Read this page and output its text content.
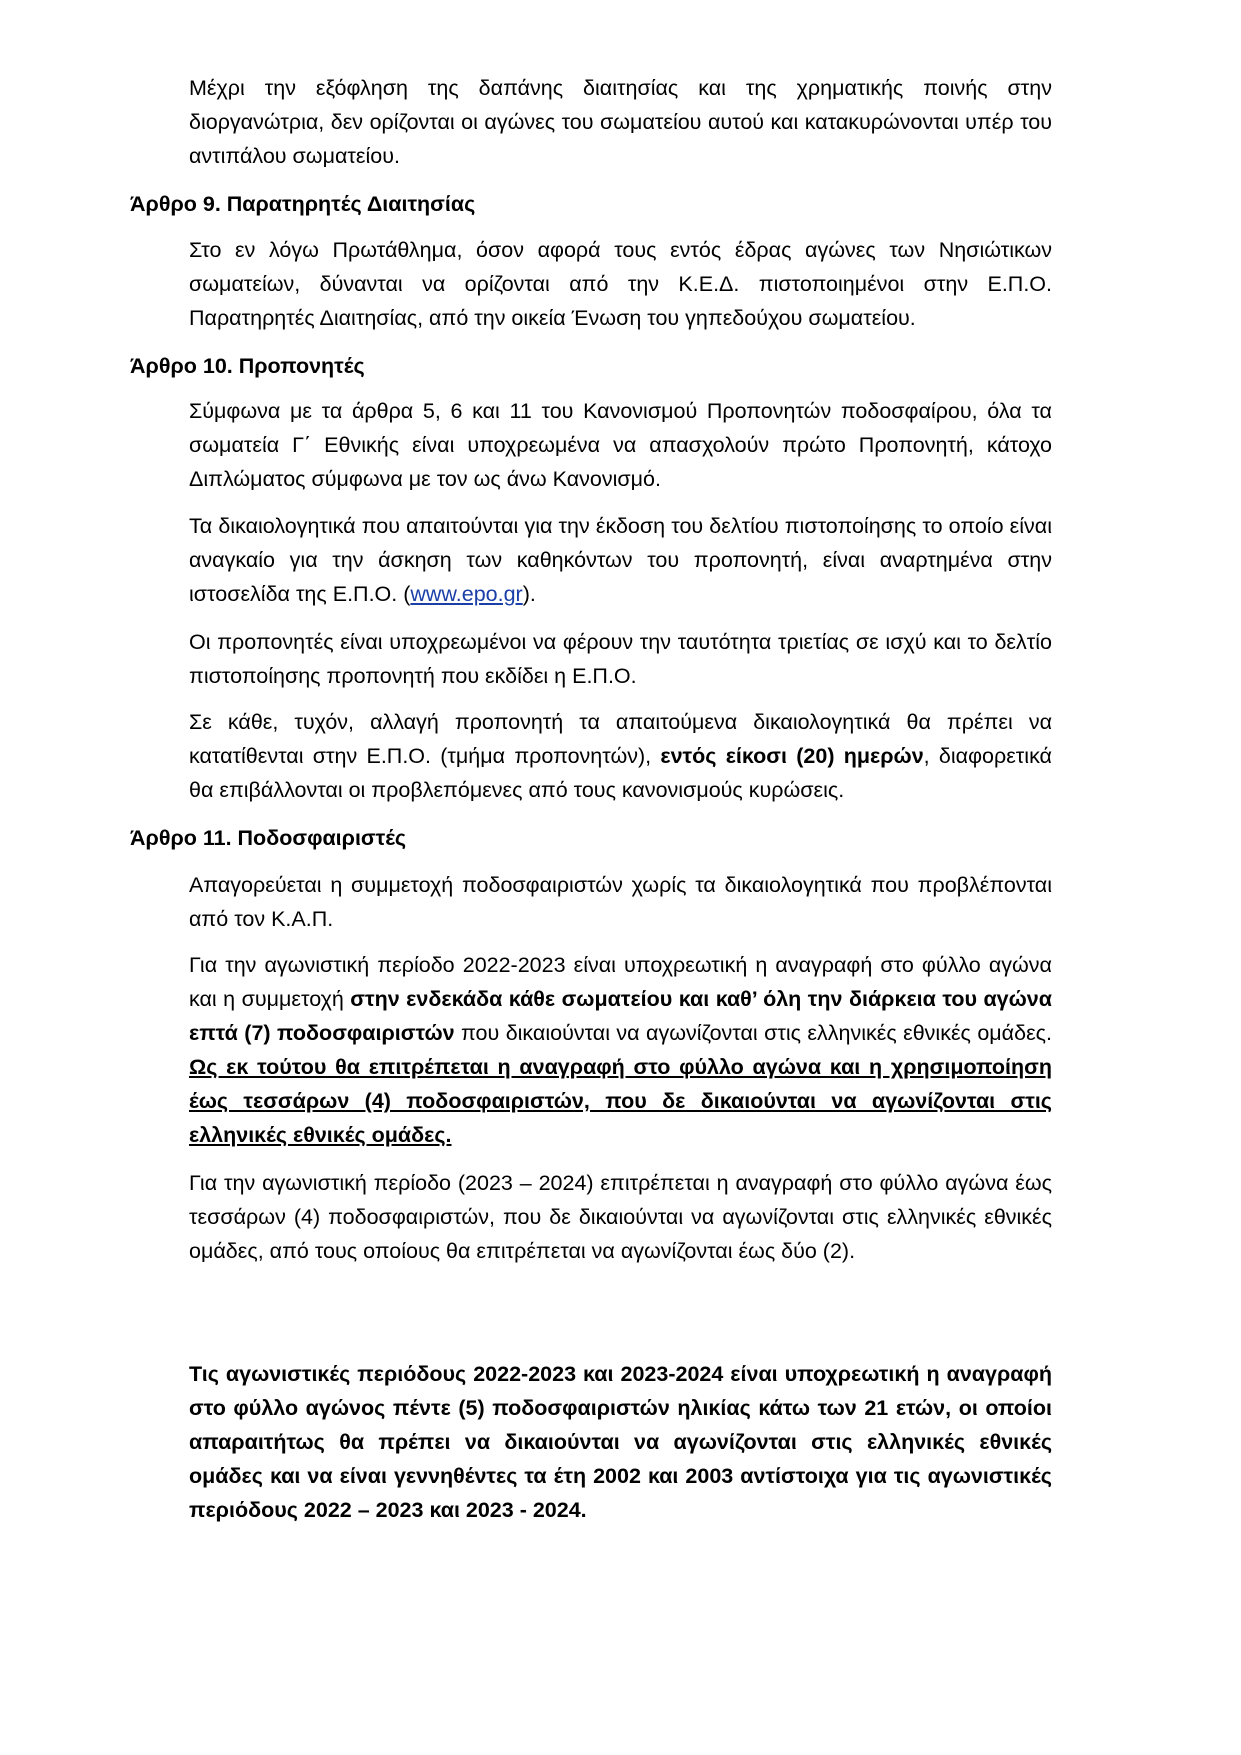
Μέχρι την εξόφληση της δαπάνης διαιτησίας και της χρηματικής ποινής στην διοργανώτρια, δεν ορίζονται οι αγώνες του σωματείου αυτού και κατακυρώνονται υπέρ του αντιπάλου σωματείου.

Άρθρο 9. Παρατηρητές Διαιτησίας

Στο εν λόγω Πρωτάθλημα, όσον αφορά τους εντός έδρας αγώνες των Νησιώτικων σωματείων, δύνανται να ορίζονται από την Κ.Ε.Δ. πιστοποιημένοι στην Ε.Π.Ο. Παρατηρητές Διαιτησίας, από την οικεία Ένωση του γηπεδούχου σωματείου.

Άρθρο 10. Προπονητές

Σύμφωνα με τα άρθρα 5, 6 και 11 του Κανονισμού Προπονητών ποδοσφαίρου, όλα τα σωματεία Γ΄ Εθνικής είναι υποχρεωμένα να απασχολούν πρώτο Προπονητή, κάτοχο Διπλώματος σύμφωνα με τον ως άνω Κανονισμό.

Τα δικαιολογητικά που απαιτούνται για την έκδοση του δελτίου πιστοποίησης το οποίο είναι αναγκαίο για την άσκηση των καθηκόντων του προπονητή, είναι αναρτημένα στην ιστοσελίδα της Ε.Π.Ο. (www.epo.gr).

Οι προπονητές είναι υποχρεωμένοι να φέρουν την ταυτότητα τριετίας σε ισχύ και το δελτίο πιστοποίησης προπονητή που εκδίδει η Ε.Π.Ο.

Σε κάθε, τυχόν, αλλαγή προπονητή τα απαιτούμενα δικαιολογητικά θα πρέπει να κατατίθενται στην Ε.Π.Ο. (τμήμα προπονητών), εντός είκοσι (20) ημερών, διαφορετικά θα επιβάλλονται οι προβλεπόμενες από τους κανονισμούς κυρώσεις.

Άρθρο 11. Ποδοσφαιριστές

Απαγορεύεται η συμμετοχή ποδοσφαιριστών χωρίς τα δικαιολογητικά που προβλέπονται από τον Κ.Α.Π.

Για την αγωνιστική περίοδο 2022-2023 είναι υποχρεωτική η αναγραφή στο φύλλο αγώνα και η συμμετοχή στην ενδεκάδα κάθε σωματείου και καθ’ όλη την διάρκεια του αγώνα επτά (7) ποδοσφαιριστών που δικαιούνται να αγωνίζονται στις ελληνικές εθνικές ομάδες. Ως εκ τούτου θα επιτρέπεται η αναγραφή στο φύλλο αγώνα και η χρησιμοποίηση έως τεσσάρων (4) ποδοσφαιριστών, που δε δικαιούνται να αγωνίζονται στις ελληνικές εθνικές ομάδες.

Για την αγωνιστική περίοδο (2023 – 2024) επιτρέπεται η αναγραφή στο φύλλο αγώνα έως τεσσάρων (4) ποδοσφαιριστών, που δε δικαιούνται να αγωνίζονται στις ελληνικές εθνικές ομάδες, από τους οποίους θα επιτρέπεται να αγωνίζονται έως δύο (2).

Τις αγωνιστικές περιόδους 2022-2023 και 2023-2024 είναι υποχρεωτική η αναγραφή στο φύλλο αγώνος πέντε (5) ποδοσφαιριστών ηλικίας κάτω των 21 ετών, οι οποίοι απαραιτήτως θα πρέπει να δικαιούνται να αγωνίζονται στις ελληνικές εθνικές ομάδες και να είναι γεννηθέντες τα έτη 2002 και 2003 αντίστοιχα για τις αγωνιστικές περιόδους 2022 – 2023 και 2023 - 2024.
